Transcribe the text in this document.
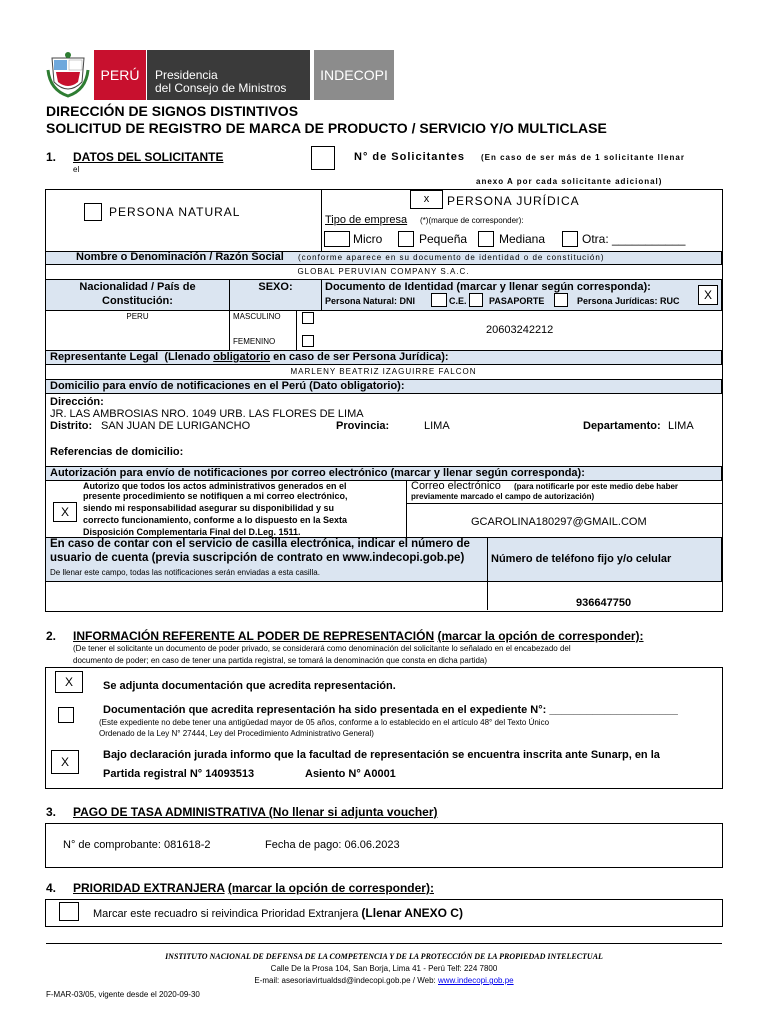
PERÚ	Presidencia
del Consejo de Ministros
INDECOPI
DIRECCIÓN DE SIGNOS DISTINTIVOS
SOLICITUD DE REGISTRO DE MARCA DE PRODUCTO / SERVICIO Y/O MULTICLASE
1. DATOS DEL SOLICITANTE
el
N° de Solicitantes (En caso de ser más de 1 solicitante llenar
anexo A por cada solicitante adicional)
PERSONA NATURAL
x	PERSONA JURÍDICA
Tipo de empresa (*)(marque de corresponder):
Micro	Pequeña	Mediana	Otra: ___________
Nombre o Denominación / Razón Social (conforme aparece en su documento de identidad o de constitución)
GLOBAL PERUVIAN COMPANY S.A.C.
Nacionalidad / País de
Constitución:
SEXO:	Documento de Identidad (marcar y llenar según corresponda):
Persona Natural: DNI	C.E. PASAPORTE	Persona Jurídicas: RUC	X
PERU	MASCULINO
FEMENINO
20603242212
Representante Legal (Llenado obligatorio en caso de ser Persona Jurídica):
MARLENY BEATRIZ IZAGUIRRE FALCON
Domicilio para envío de notificaciones en el Perú (Dato obligatorio):
Dirección:
JR. LAS AMBROSIAS NRO. 1049 URB. LAS FLORES DE LIMA
Distrito: SAN JUAN DE LURIGANCHO	Provincia:	LIMA	Departamento: LIMA
Referencias de domicilio:
Autorización para envío de notificaciones por correo electrónico (marcar y llenar según corresponda):
X
Autorizo que todos los actos administrativos generados en el
presente procedimiento se notifiquen a mi correo electrónico,
siendo mi responsabilidad asegurar su disponibilidad y su
correcto funcionamiento, conforme a lo dispuesto en la Sexta
Disposición Complementaria Final del D.Leg. 1511.
Correo electrónico	(para notificarle por este medio debe haber previamente marcado el campo de autorización)
GCAROLINA180297@GMAIL.COM
En caso de contar con el servicio de casilla electrónica, indicar el número de
usuario de cuenta (previa suscripción de contrato en www.indecopi.gob.pe)
De llenar este campo, todas las notificaciones serán enviadas a esta casilla.
Número de teléfono fijo y/o celular
936647750
2. INFORMACIÓN REFERENTE AL PODER DE REPRESENTACIÓN (marcar la opción de corresponder):
(De tener el solicitante un documento de poder privado, se considerará como denominación del solicitante lo señalado en el encabezado del
documento de poder; en caso de tener una partida registral, se tomará la denominación que consta en dicha partida)
X	Se adjunta documentación que acredita representación.
Documentación que acredita representación ha sido presentada en el expediente N°: _____________________
(Este expediente no debe tener una antigüedad mayor de 05 años, conforme a lo establecido en el artículo 48° del Texto Único
Ordenado de la Ley N° 27444, Ley del Procedimiento Administrativo General)
X	Bajo declaración jurada informo que la facultad de representación se encuentra inscrita ante Sunarp, en la
Partida registral N° 14093513	Asiento N° A0001
3. PAGO DE TASA ADMINISTRATIVA (No llenar si adjunta voucher)
N° de comprobante: 081618-2	Fecha de pago: 06.06.2023
4. PRIORIDAD EXTRANJERA (marcar la opción de corresponder):
Marcar este recuadro si reivindica Prioridad Extranjera (Llenar ANEXO C)
INSTITUTO NACIONAL DE DEFENSA DE LA COMPETENCIA Y DE LA PROTECCIÓN DE LA PROPIEDAD INTELECTUAL
Calle De la Prosa 104, San Borja, Lima 41 - Perú Telf: 224 7800
E-mail: asesoriavirtualdsd@indecopi.gob.pe / Web: www.indecopi.gob.pe
F-MAR-03/05, vigente desde el 2020-09-30
